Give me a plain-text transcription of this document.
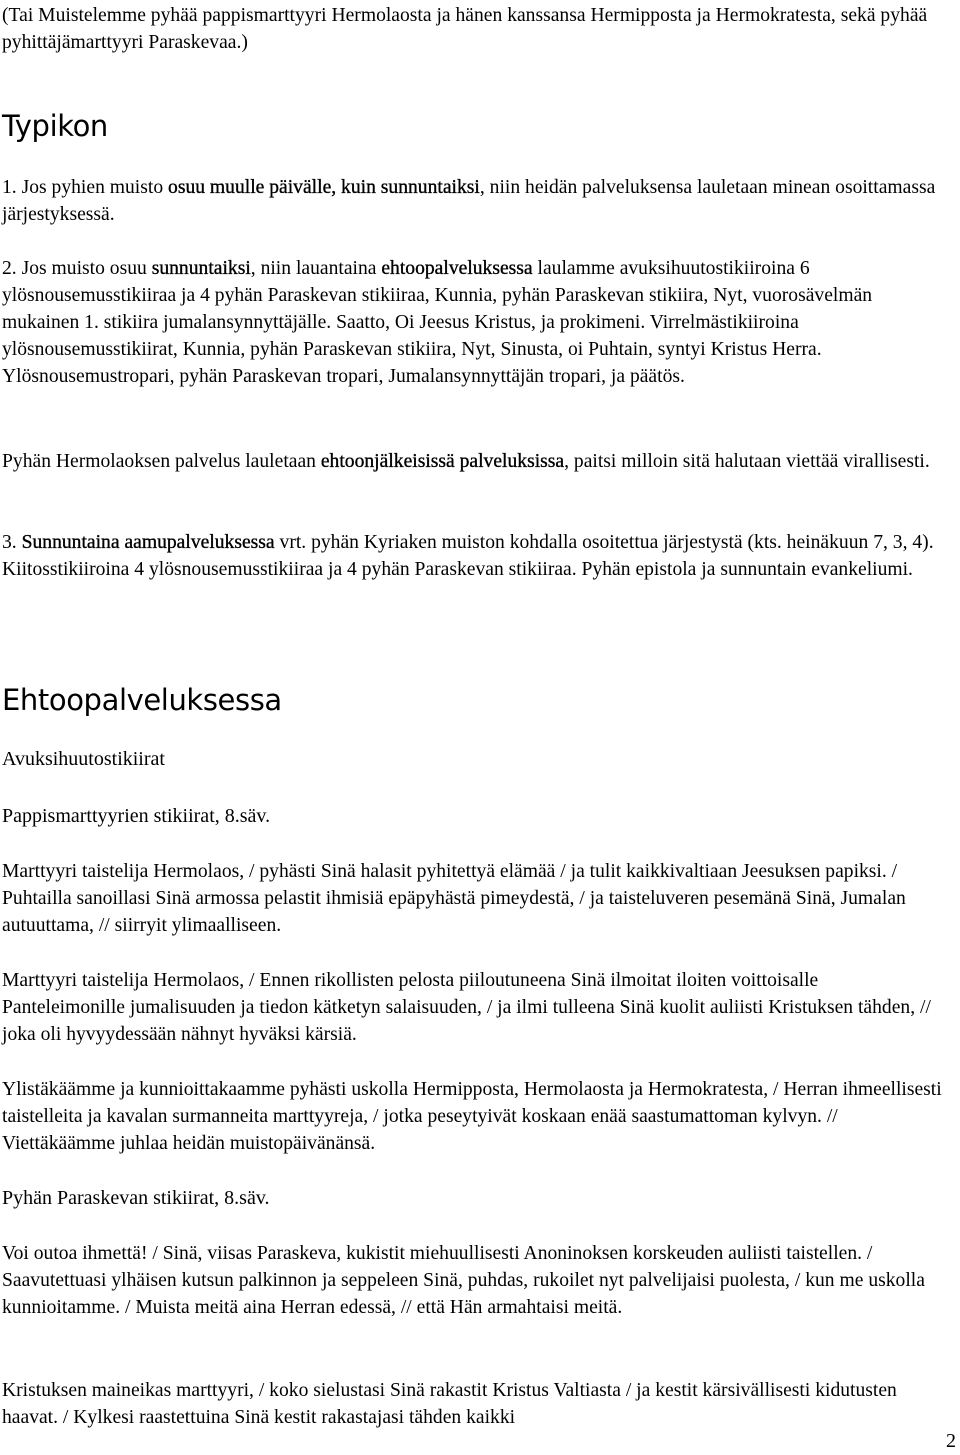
(Tai Muistelemme pyhää pappismarttyyri Hermolaosta ja hänen kanssansa Hermipposta ja Hermokratesta, sekä pyhää pyhittäjämarttyyri Paraskevaa.)

Typikon

1. Jos pyhien muisto osuu muulle päivälle, kuin sunnuntaiksi, niin heidän palveluksensa lauletaan minean osoittamassa järjestyksessä.

2. Jos muisto osuu sunnuntaiksi, niin lauantaina ehtoopalveluksessa laulamme avuksihuutostikiiroina 6 ylösnousemusstikiiraa ja 4 pyhän Paraskevan stikiiraa, Kunnia, pyhän Paraskevan stikiira, Nyt, vuorosävelmän mukainen 1. stikiira jumalansynnyttäjälle. Saatto, Oi Jeesus Kristus, ja prokimeni. Virrelmästikiiroina ylösnousemusstikiirat, Kunnia, pyhän Paraskevan stikiira, Nyt, Sinusta, oi Puhtain, syntyi Kristus Herra. Ylösnousemustropari, pyhän Paraskevan tropari, Jumalansynnyttäjän tropari, ja päätös.

Pyhän Hermolaoksen palvelus lauletaan ehtoonjälkeisissä palveluksissa, paitsi milloin sitä halutaan viettää virallisesti.

3. Sunnuntaina aamupalveluksessa vrt. pyhän Kyriaken muiston kohdalla osoitettua järjestystä (kts. heinäkuun 7, 3, 4). Kiitosstikiiroina 4 ylösnousemusstikiiraa ja 4 pyhän Paraskevan stikiiraa. Pyhän epistola ja sunnuntain evankeliumi.

Ehtoopalveluksessa
Avuksihuutostikiirat
Pappismarttyyrien stikiirat, 8.säv.

Marttyyri taistelija Hermolaos, / pyhästi Sinä halasit pyhitettyä elämää / ja tulit kaikkivaltiaan Jeesuksen papiksi. / Puhtailla sanoillasi Sinä armossa pelastit ihmisiä epäpyhästä pimeydestä, / ja taisteluveren pesemänä Sinä, Jumalan autuuttama, // siirryit ylimaalliseen.

Marttyyri taistelija Hermolaos, / Ennen rikollisten pelosta piiloutuneena Sinä ilmoitat iloiten voittoisalle Panteleimonille jumalisuuden ja tiedon kätketyn salaisuuden, / ja ilmi tulleena Sinä kuolit auliisti Kristuksen tähden, // joka oli hyvyydessään nähnyt hyväksi kärsiä.

Ylistäkäämme ja kunnioittakaamme pyhästi uskolla Hermipposta, Hermolaosta ja Hermokratesta, / Herran ihmeellisesti taistelleita ja kavalan surmanneita marttyyreja, / jotka peseytyivät koskaan enää saastumattoman kylvyn. // Viettäkäämme juhlaa heidän muistopäivänänsä.

Pyhän Paraskevan stikiirat, 8.säv.

Voi outoa ihmettä! / Sinä, viisas Paraskeva, kukistit miehuullisesti Anoninoksen korskeuden auliisti taistellen. / Saavutettuasi ylhäisen kutsun palkinnon ja seppeleen Sinä, puhdas, rukoilet nyt palvelijaisi puolesta, / kun me uskolla kunnioitamme. / Muista meitä aina Herran edessä, // että Hän armahtaisi meitä.

Kristuksen maineikas marttyyri, / koko sielustasi Sinä rakastit Kristus Valtiasta / ja kestit kärsivällisesti kidutusten haavat. / Kylkesi raastettuina Sinä kestit rakastajasi tähden kaikki

2
